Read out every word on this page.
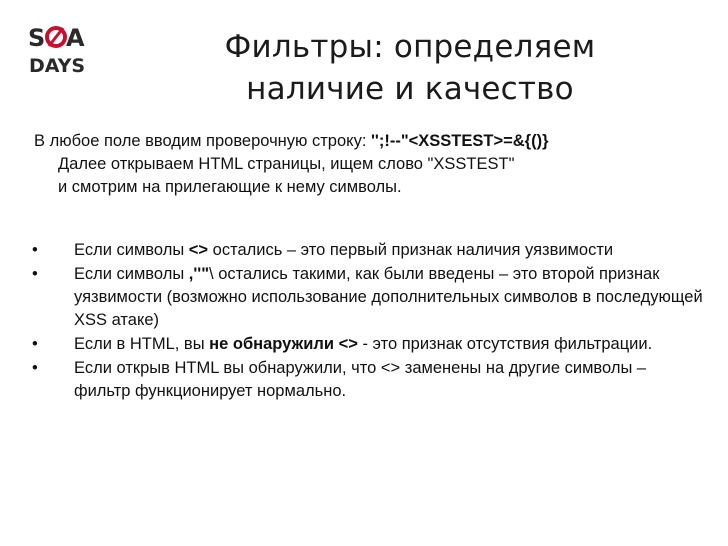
S A
DAYS
Фильтры: определяем
наличие и качество
В любое поле вводим проверочную строку: '';!--"<XSSTEST>=&{()}
Далее открываем HTML страницы, ищем слово "XSSTEST"
и смотрим на прилегающие к нему символы.
• Если символы <> остались – это первый признак наличия уязвимости
• Если символы ,''"\ остались такими, как были введены – это второй признак уязвимости (возможно использование дополнительных символов в последующей XSS атаке)
• Если в HTML, вы не обнаружили <> - это признак отсутствия фильтрации.
• Если открыв HTML вы обнаружили, что <> заменены на другие символы – фильтр функционирует нормально.
